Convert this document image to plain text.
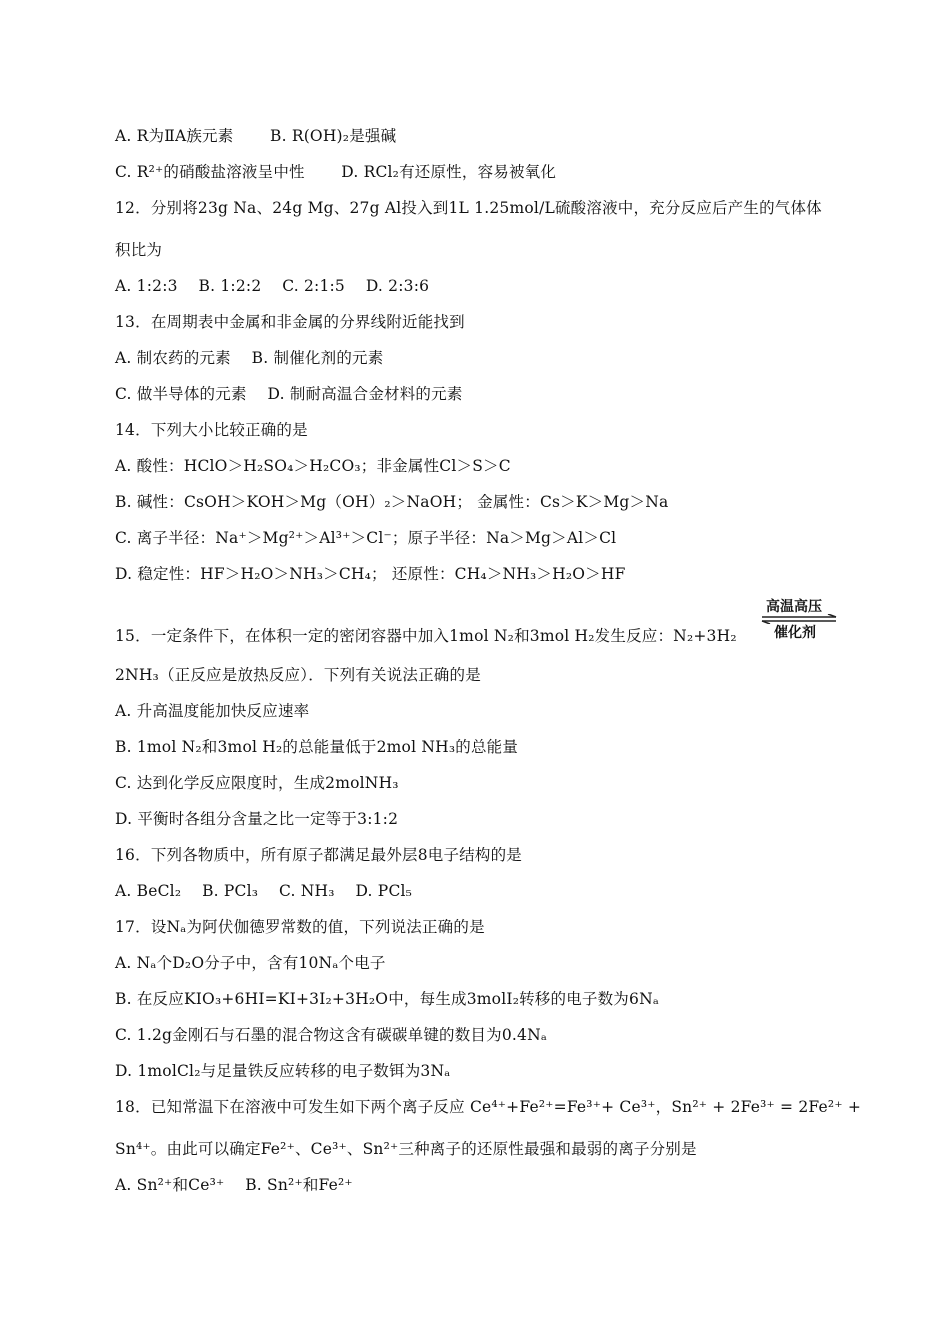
A. R为ⅡA族元素　　 B. R(OH)₂是强碱
C. R²⁺的硝酸盐溶液呈中性　　 D. RCl₂有还原性，容易被氧化
12．分别将23g Na、24g Mg、27g Al投入到1L 1.25mol/L硫酸溶液中，充分反应后产生的气体体
积比为
A. 1:2:3　 B. 1:2:2　 C. 2:1:5　 D. 2:3:6
13．在周期表中金属和非金属的分界线附近能找到
A. 制农药的元素　 B. 制催化剂的元素
C. 做半导体的元素　 D. 制耐高温合金材料的元素
14．下列大小比较正确的是
A. 酸性：HClO＞H₂SO₄＞H₂CO₃；非金属性Cl＞S＞C
B. 碱性：CsOH＞KOH＞Mg（OH）₂＞NaOH； 金属性：Cs＞K＞Mg＞Na
C. 离子半径：Na⁺＞Mg²⁺＞Al³⁺＞Cl⁻；原子半径：Na＞Mg＞Al＞Cl
D. 稳定性：HF＞H₂O＞NH₃＞CH₄； 还原性：CH₄＞NH₃＞H₂O＞HF
15．一定条件下，在体积一定的密闭容器中加入1mol N₂和3mol H₂发生反应：N₂+3H₂
高温高压
催化剂
2NH₃（正反应是放热反应）．下列有关说法正确的是
A. 升高温度能加快反应速率
B. 1mol N₂和3mol H₂的总能量低于2mol NH₃的总能量
C. 达到化学反应限度时，生成2molNH₃
D. 平衡时各组分含量之比一定等于3:1:2
16．下列各物质中，所有原子都满足最外层8电子结构的是
A. BeCl₂　 B. PCl₃　 C. NH₃　 D. PCl₅
17．设Nₐ为阿伏伽德罗常数的值，下列说法正确的是
A. Nₐ个D₂O分子中，含有10Nₐ个电子
B. 在反应KIO₃+6HI=KI+3I₂+3H₂O中，每生成3molI₂转移的电子数为6Nₐ
C. 1.2g金刚石与石墨的混合物这含有碳碳单键的数目为0.4Nₐ
D. 1molCl₂与足量铁反应转移的电子数铒为3Nₐ
18．已知常温下在溶液中可发生如下两个离子反应 Ce⁴⁺+Fe²⁺=Fe³⁺+ Ce³⁺，Sn²⁺ + 2Fe³⁺ = 2Fe²⁺ +
Sn⁴⁺。由此可以确定Fe²⁺、Ce³⁺、Sn²⁺三种离子的还原性最强和最弱的离子分别是
A. Sn²⁺和Ce³⁺　 B. Sn²⁺和Fe²⁺
